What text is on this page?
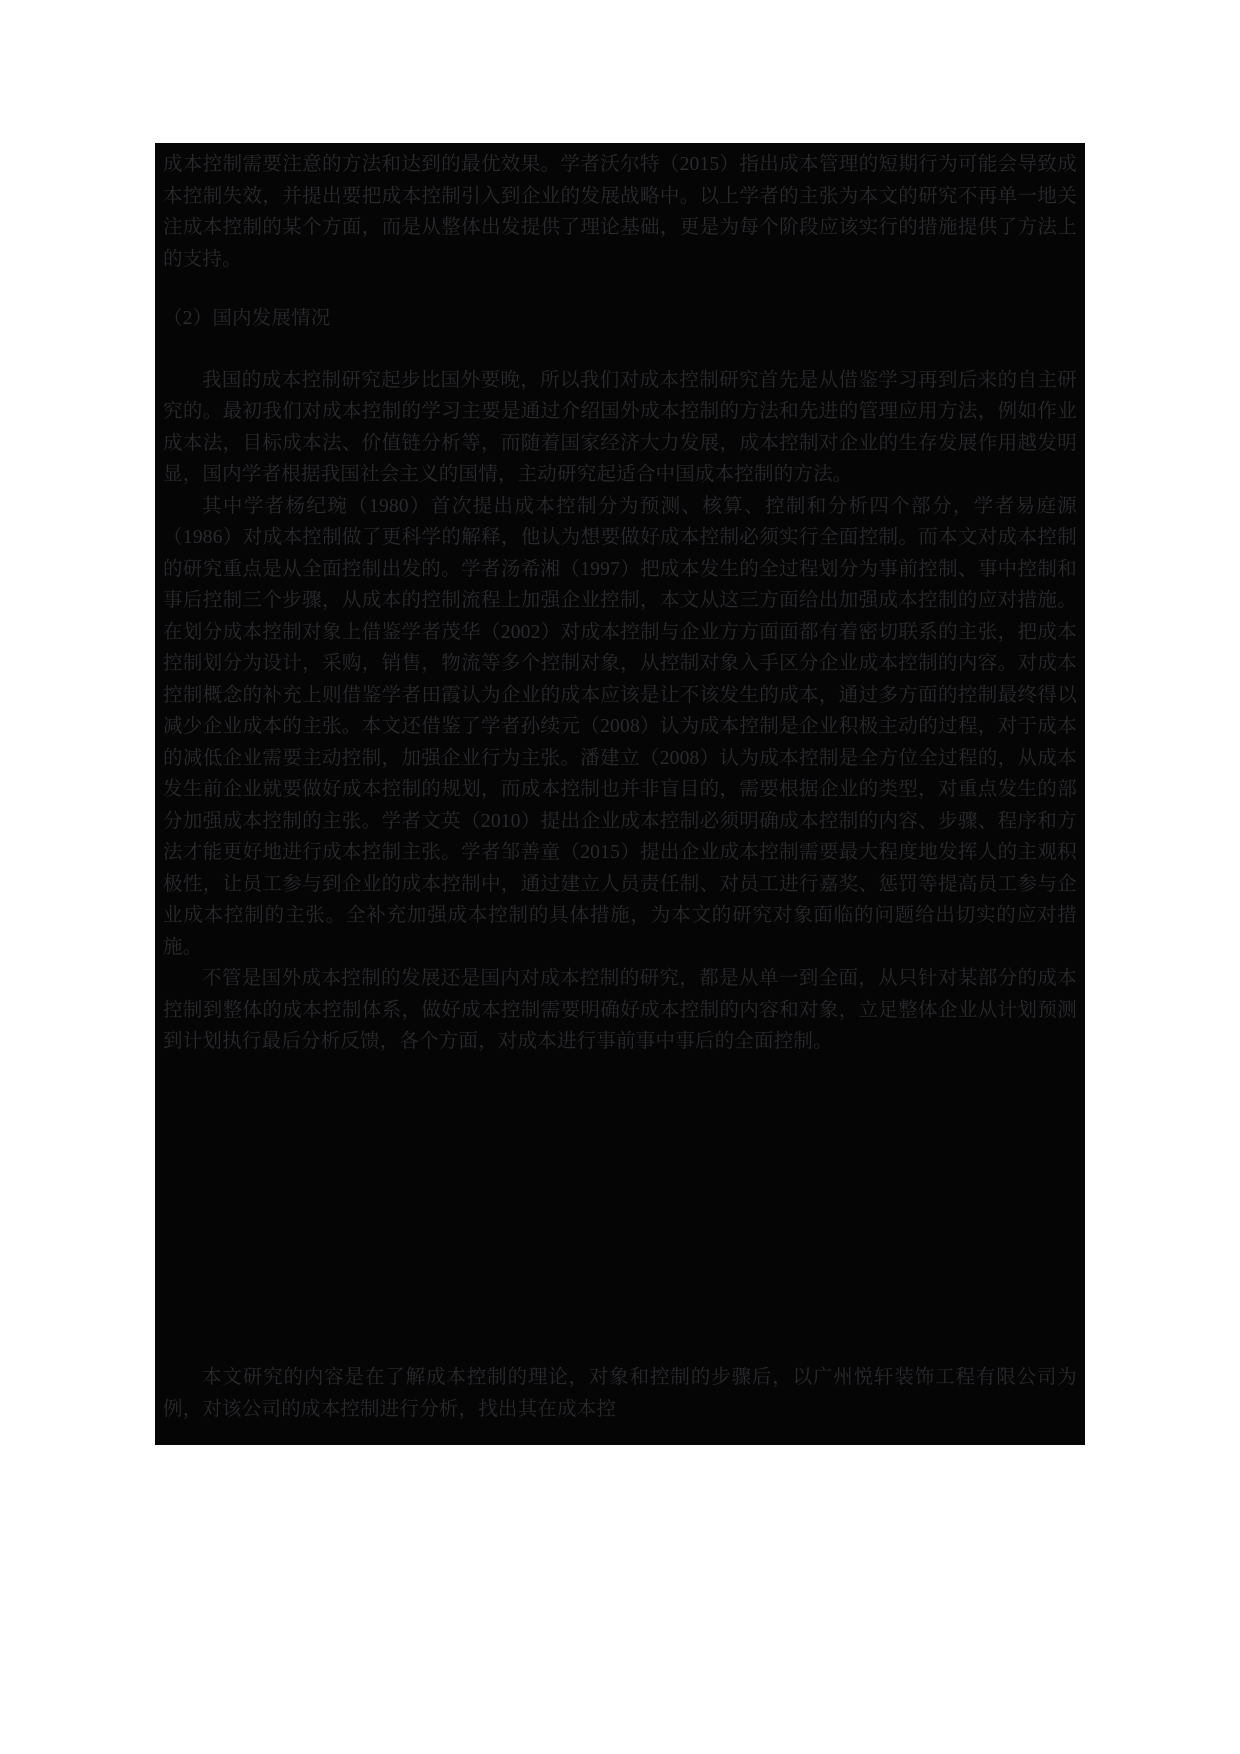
成本控制需要注意的方法和达到的最优效果。学者沃尔特（2015）指出成本管理的短期行为可能会导致成本控制失效，并提出要把成本控制引入到企业的发展战略中。以上学者的主张为本文的研究不再单一地关注成本控制的某个方面，而是从整体出发提供了理论基础，更是为每个阶段应该实行的措施提供了方法上的支持。

（2）国内发展情况

我国的成本控制研究起步比国外要晚，所以我们对成本控制研究首先是从借鉴学习再到后来的自主研究的。最初我们对成本控制的学习主要是通过介绍国外成本控制的方法和先进的管理应用方法，例如作业成本法，目标成本法、价值链分析等，而随着国家经济大力发展，成本控制对企业的生存发展作用越发明显，国内学者根据我国社会主义的国情，主动研究起适合中国成本控制的方法。

其中学者杨纪琬（1980）首次提出成本控制分为预测、核算、控制和分析四个部分，学者易庭源（1986）对成本控制做了更科学的解释，他认为想要做好成本控制必须实行全面控制。而本文对成本控制的研究重点是从全面控制出发的。学者汤希湘（1997）把成本发生的全过程划分为事前控制、事中控制和事后控制三个步骤，从成本的控制流程上加强企业控制，本文从这三方面给出加强成本控制的应对措施。在划分成本控制对象上借鉴学者茂华（2002）对成本控制与企业方方面面都有着密切联系的主张，把成本控制划分为设计，采购，销售，物流等多个控制对象，从控制对象入手区分企业成本控制的内容。对成本控制概念的补充上则借鉴学者田霞认为企业的成本应该是让不该发生的成本，通过多方面的控制最终得以减少企业成本的主张。本文还借鉴了学者孙续元（2008）认为成本控制是企业积极主动的过程，对于成本的减低企业需要主动控制，加强企业行为主张。潘建立（2008）认为成本控制是全方位全过程的，从成本发生前企业就要做好成本控制的规划，而成本控制也并非盲目的，需要根据企业的类型，对重点发生的部分加强成本控制的主张。学者文英（2010）提出企业成本控制必须明确成本控制的内容、步骤、程序和方法才能更好地进行成本控制主张。学者邹善童（2015）提出企业成本控制需要最大程度地发挥人的主观积极性，让员工参与到企业的成本控制中，通过建立人员责任制、对员工进行嘉奖、惩罚等提高员工参与企业成本控制的主张。全补充加强成本控制的具体措施，为本文的研究对象面临的问题给出切实的应对措施。

不管是国外成本控制的发展还是国内对成本控制的研究，都是从单一到全面，从只针对某部分的成本控制到整体的成本控制体系，做好成本控制需要明确好成本控制的内容和对象，立足整体企业从计划预测到计划执行最后分析反馈，各个方面，对成本进行事前事中事后的全面控制。

本文研究的内容是在了解成本控制的理论，对象和控制的步骤后，以广州悦轩装饰工程有限公司为例，对该公司的成本控制进行分析，找出其在成本控
